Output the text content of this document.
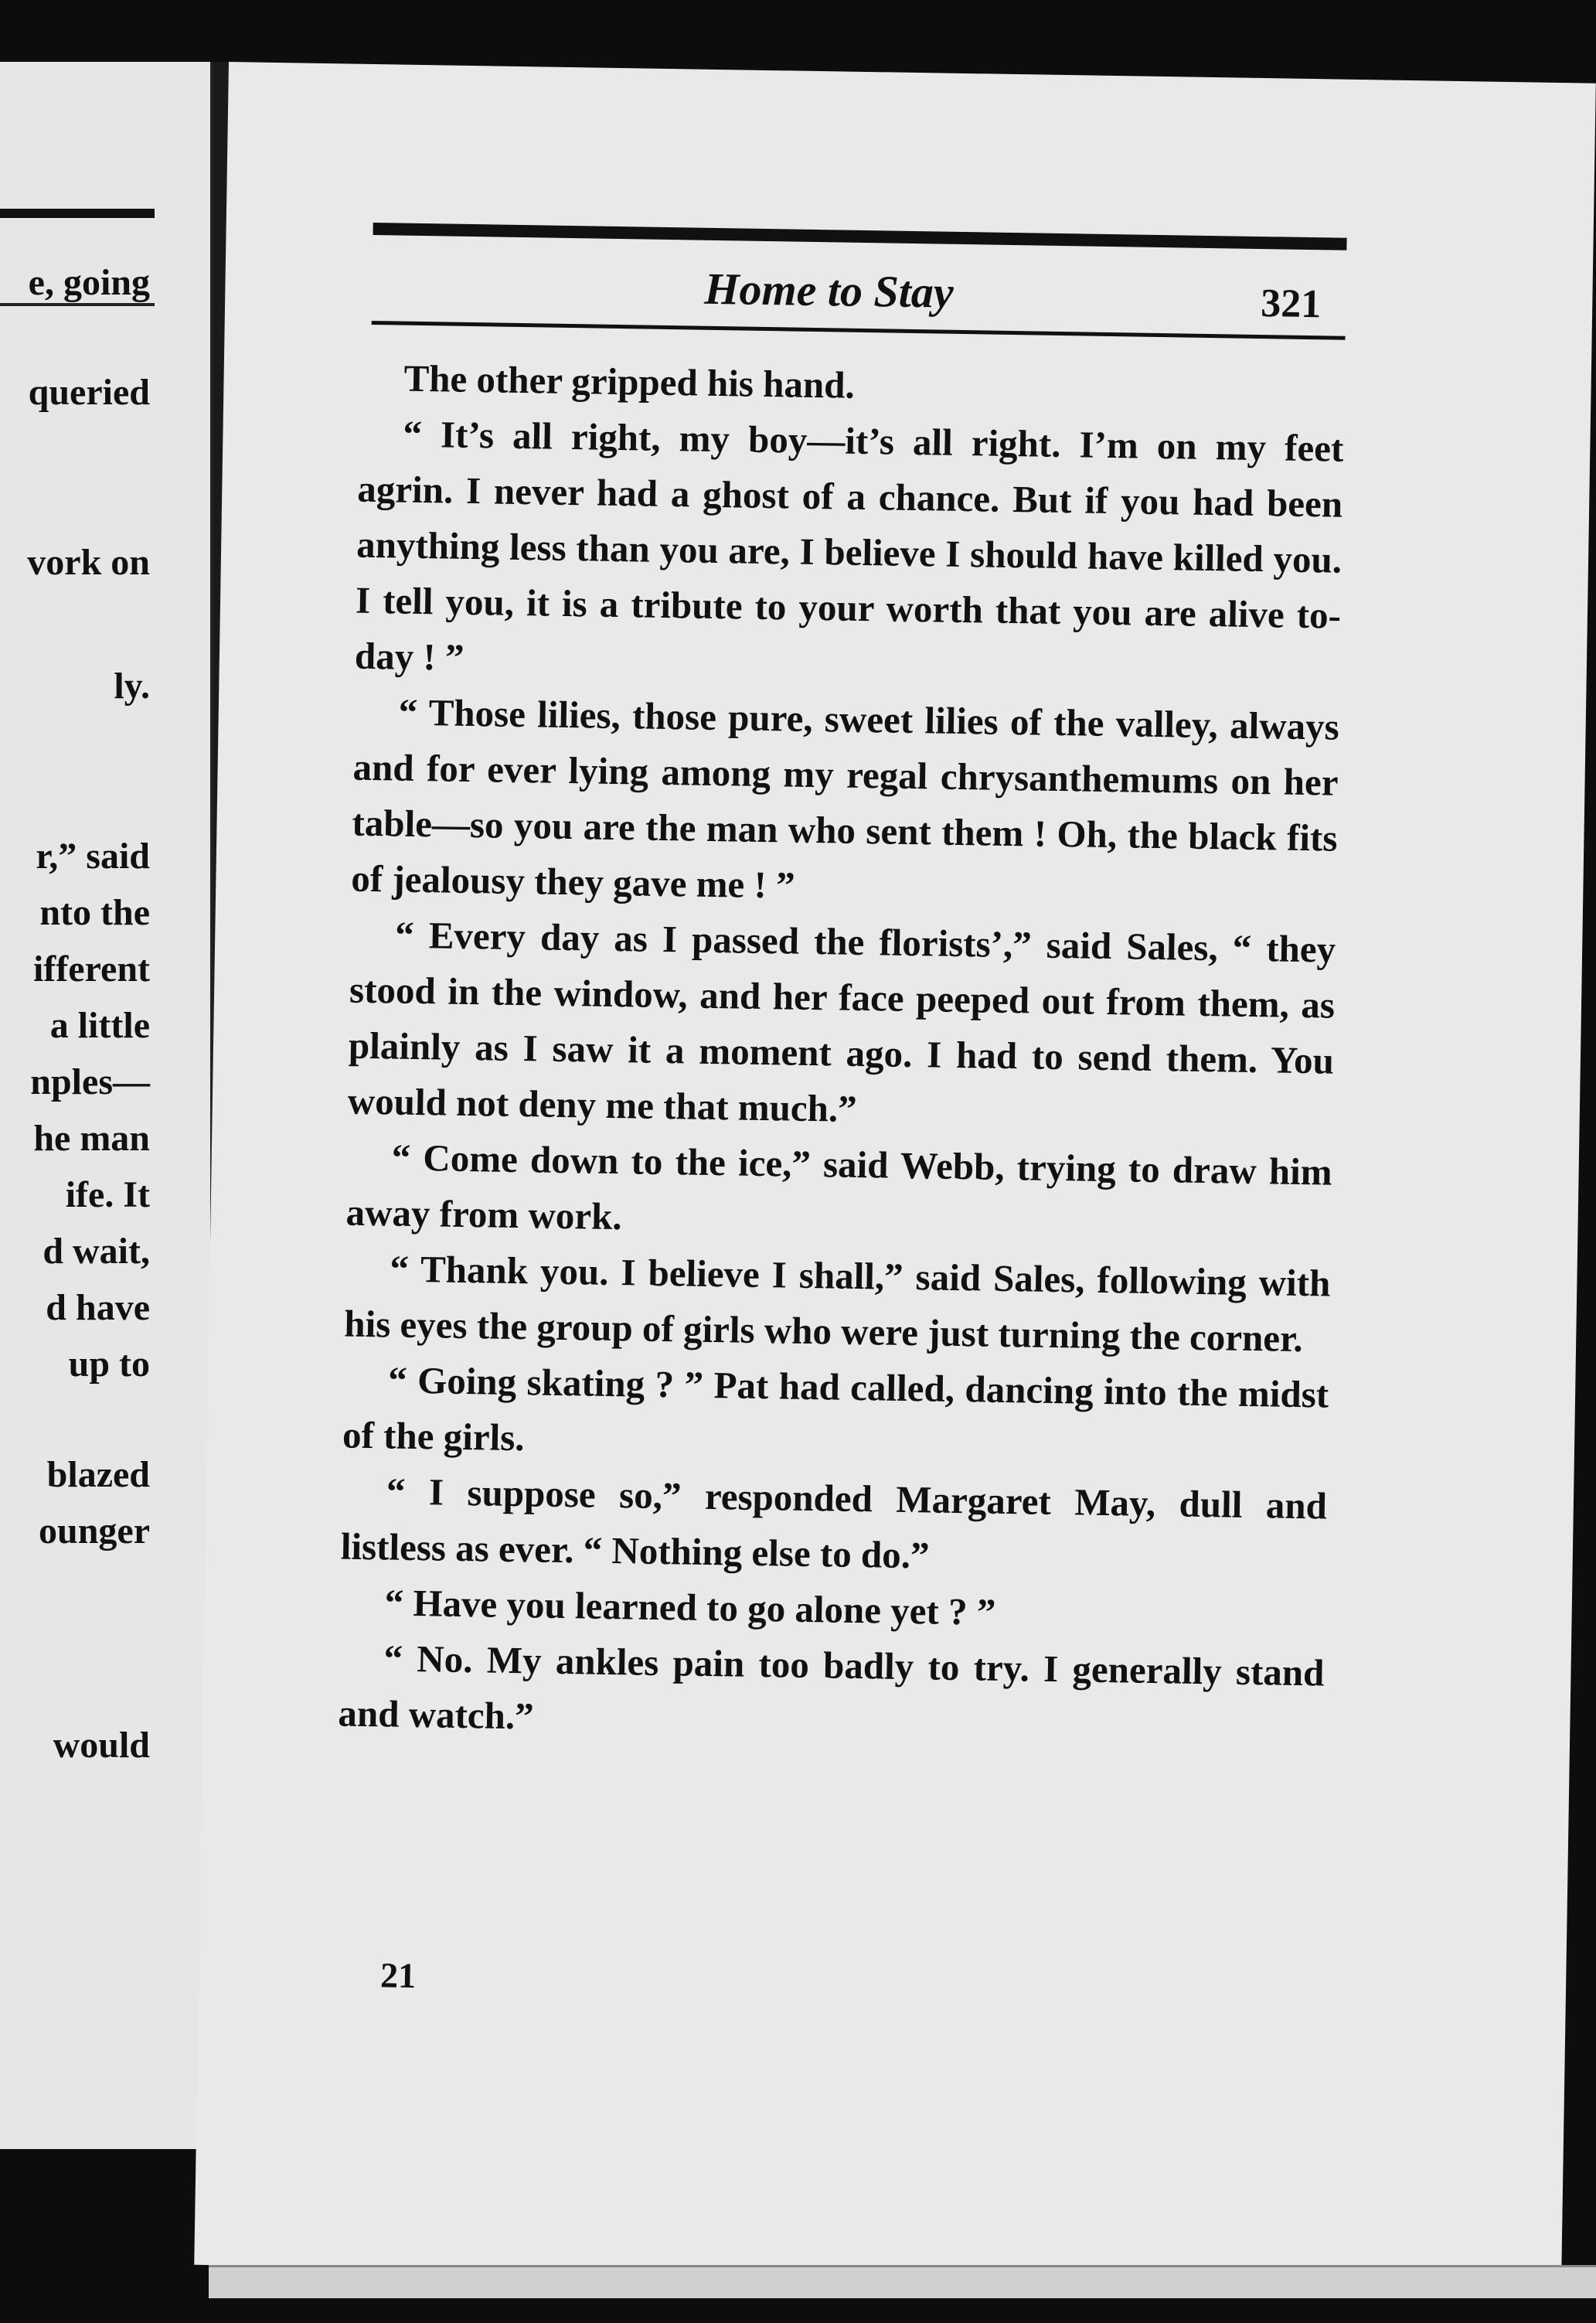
e, going
queried
vork on
ly.
r,” said
nto the
ifferent
a little
nples—
he man
ife. It
d wait,
d have
up to
blazed
ounger
would
Home to Stay	321

The other gripped his hand.

“ It’s all right, my boy—it’s all right. I’m on my feet agrin. I never had a ghost of a chance. But if you had been anything less than you are, I believe I should have killed you. I tell you, it is a tribute to your worth that you are alive to-day ! ”

“ Those lilies, those pure, sweet lilies of the valley, always and for ever lying among my regal chrysanthemums on her table—so you are the man who sent them ! Oh, the black fits of jealousy they gave me ! ”

“ Every day as I passed the florists’,” said Sales, “ they stood in the window, and her face peeped out from them, as plainly as I saw it a moment ago. I had to send them. You would not deny me that much.”

“ Come down to the ice,” said Webb, trying to draw him away from work.

“ Thank you. I believe I shall,” said Sales, following with his eyes the group of girls who were just turning the corner.

“ Going skating ? ” Pat had called, dancing into the midst of the girls.

“ I suppose so,” responded Margaret May, dull and listless as ever. “ Nothing else to do.”

“ Have you learned to go alone yet ? ”

“ No. My ankles pain too badly to try. I generally stand and watch.”

21
